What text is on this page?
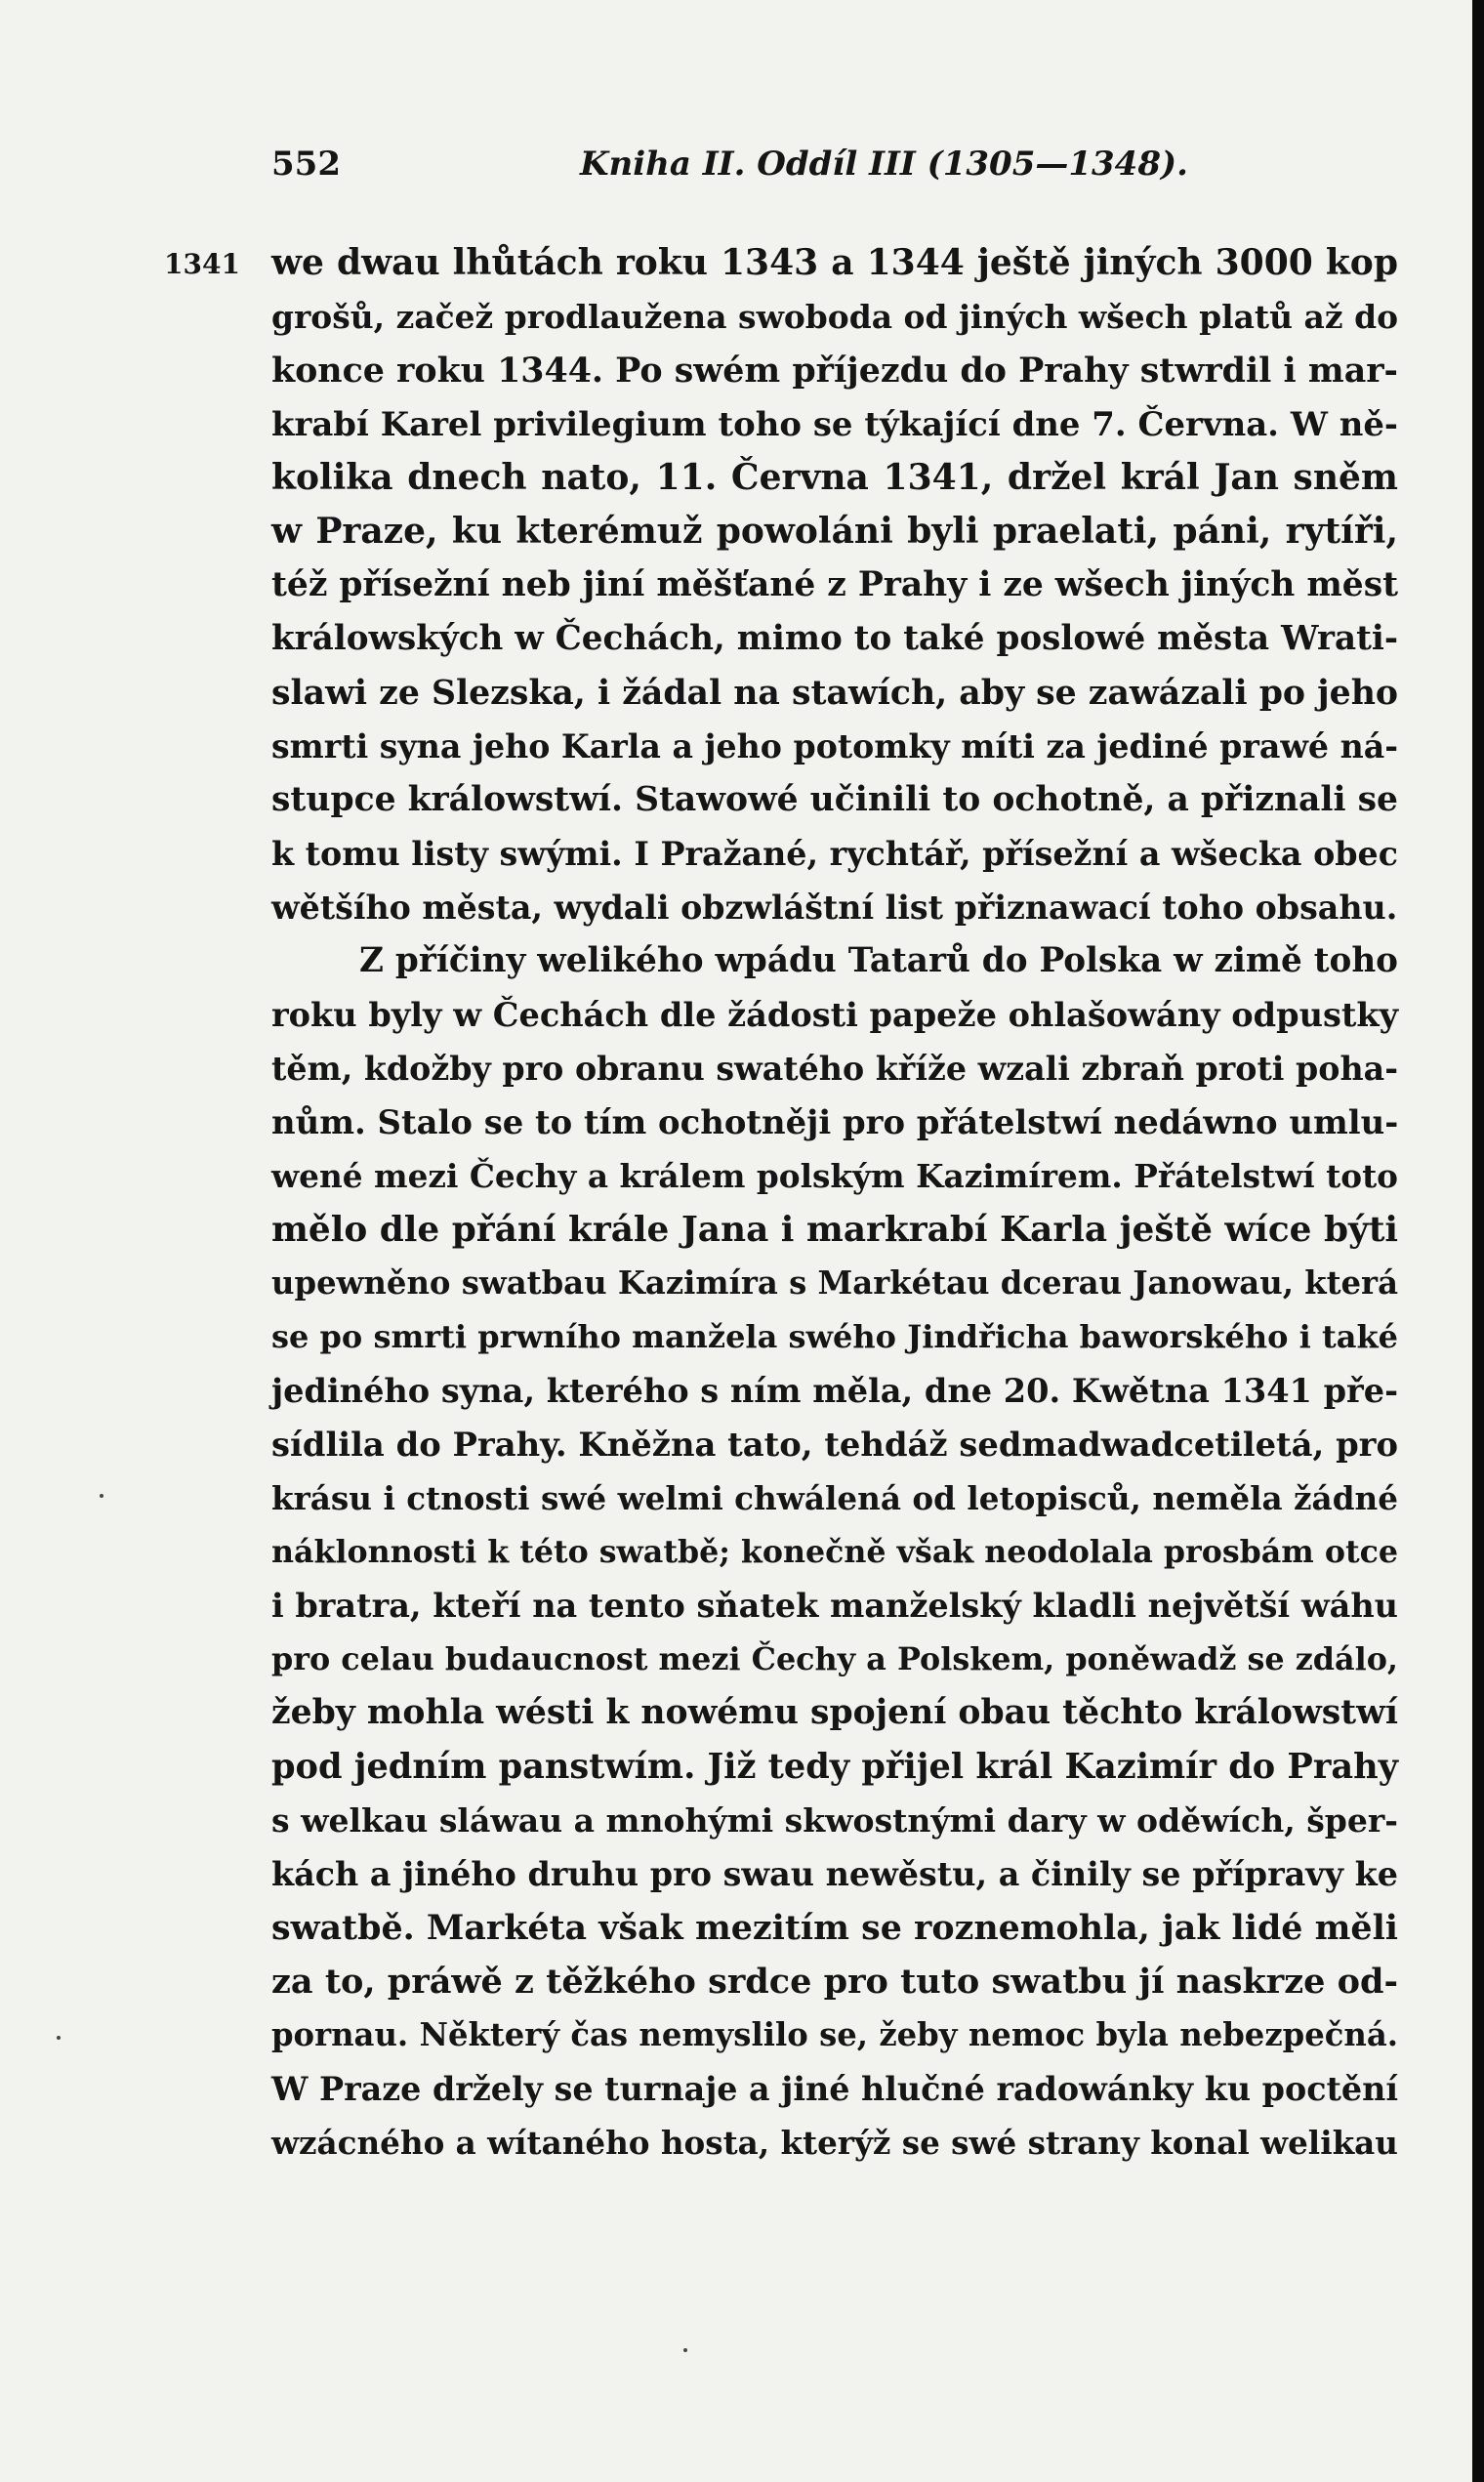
552	Kniha II. Oddíl III (1305—1348).
1341 we dwau lhůtách roku 1343 a 1344 ještě jiných 3000 kop
grošů, začež prodlaužena swoboda od jiných wšech platů až do
konce roku 1344. Po swém příjezdu do Prahy stwrdil i mar-
krabí Karel privilegium toho se týkající dne 7. Června. W ně-
kolika dnech nato, 11. Června 1341, držel král Jan sněm
w Praze, ku kterémuž powoláni byli praelati, páni, rytíři,
též přísežní neb jiní měšťané z Prahy i ze wšech jiných měst
králowských w Čechách, mimo to také poslowé města Wrati-
slawi ze Slezska, i žádal na stawích, aby se zawázali po jeho
smrti syna jeho Karla a jeho potomky míti za jediné prawé ná-
stupce králowstwí. Stawowé učinili to ochotně, a přiznali se
k tomu listy swými. I Pražané, rychtář, přísežní a wšecka obec
wětšího města, wydali obzwláštní list přiznawací toho obsahu.
Z příčiny welikého wpádu Tatarů do Polska w zimě toho
roku byly w Čechách dle žádosti papeže ohlašowány odpustky
těm, kdožby pro obranu swatého kříže wzali zbraň proti poha-
nům. Stalo se to tím ochotněji pro přátelstwí nedáwno umlu-
wené mezi Čechy a králem polským Kazimírem. Přátelstwí toto
mělo dle přání krále Jana i markrabí Karla ještě wíce býti
upewněno swatbau Kazimíra s Markétau dcerau Janowau, která
se po smrti prwního manžela swého Jindřicha baworského i také
jediného syna, kterého s ním měla, dne 20. Kwětna 1341 pře-
sídlila do Prahy. Kněžna tato, tehdáž sedmadwadcetiletá, pro
krásu i ctnosti swé welmi chwálená od letopisců, neměla žádné
náklonnosti k této swatbě; konečně však neodolala prosbám otce
i bratra, kteří na tento sňatek manželský kladli největší wáhu
pro celau budaucnost mezi Čechy a Polskem, poněwadž se zdálo,
žeby mohla wésti k nowému spojení obau těchto králowstwí
pod jedním panstwím. Již tedy přijel král Kazimír do Prahy
s welkau sláwau a mnohými skwostnými dary w oděwích, šper-
kách a jiného druhu pro swau newěstu, a činily se přípravy ke
swatbě. Markéta však mezitím se roznemohla, jak lidé měli
za to, práwě z těžkého srdce pro tuto swatbu jí naskrze od-
pornau. Některý čas nemyslilo se, žeby nemoc byla nebezpečná.
W Praze držely se turnaje a jiné hlučné radowánky ku poctění
wzácného a wítaného hosta, kterýž se swé strany konal welikau
